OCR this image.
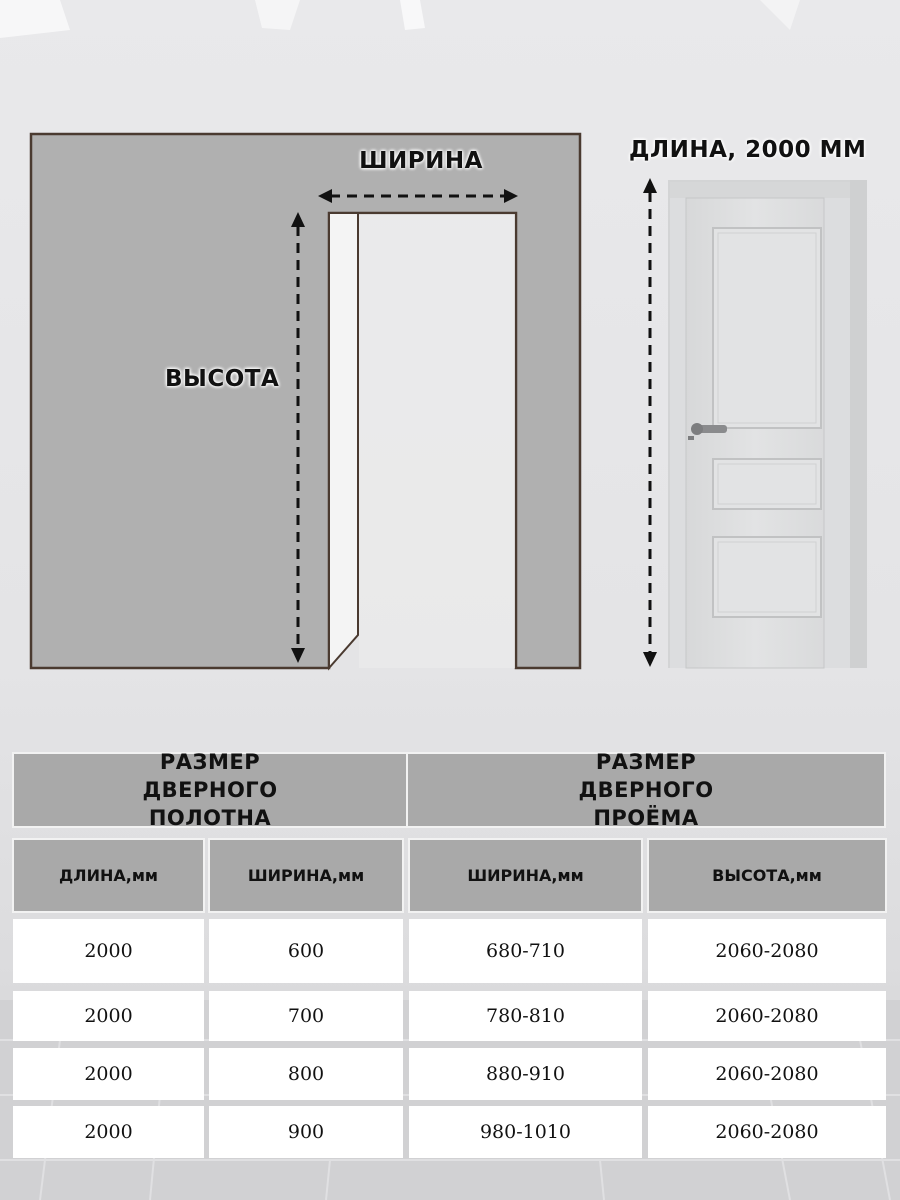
ШИРИНА
ВЫСОТА
ДЛИНА, 2000 ММ
РАЗМЕР ДВЕРНОГО ПОЛОТНА
РАЗМЕР ДВЕРНОГО ПРОЁМА
ДЛИНА,мм	ШИРИНА,мм	ШИРИНА,мм	ВЫСОТА,мм
2000	600	680-710	2060-2080
2000	700	780-810	2060-2080
2000	800	880-910	2060-2080
2000	900	980-1010	2060-2080
